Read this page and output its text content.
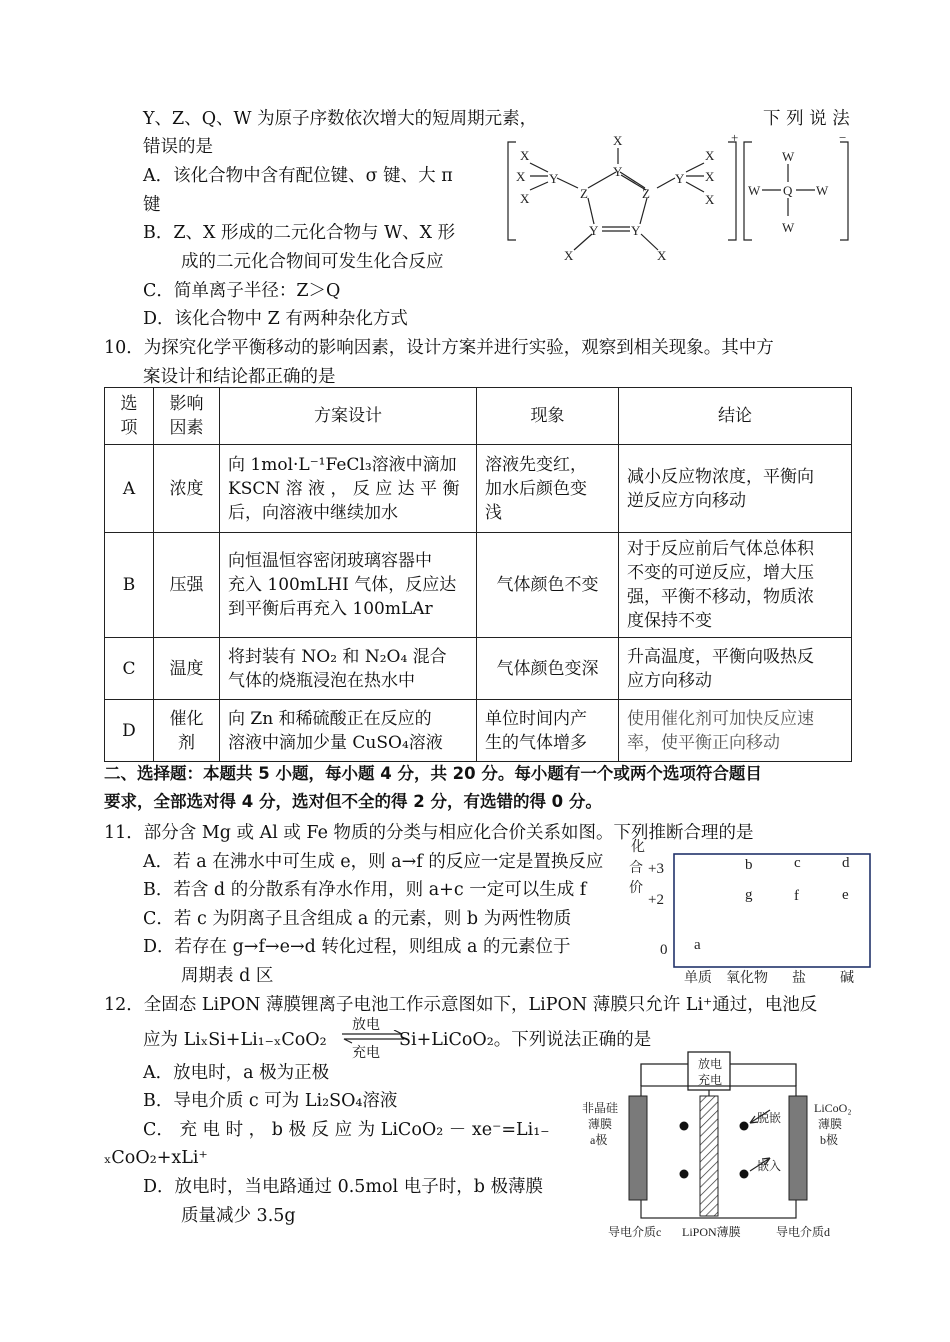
Y、Z、Q、W 为原子序数依次增大的短周期元素，	下 列 说 法
错误的是
A．该化合物中含有配位键、σ 键、大 π
键
B．Z、X 形成的二元化合物与 W、X 形
成的二元化合物间可发生化合反应
C．简单离子半径：Z＞Q
D．该化合物中 Z 有两种杂化方式
X
Y
Z	Z
Y	Y
Y	Y
X
X
X
X
X
X
X	X
+	−
W
W
W	W
Q
10．为探究化学平衡移动的影响因素，设计方案并进行实验，观察到相关现象。其中方
案设计和结论都正确的是
选
项	影响
因素	方案设计	现象	结论
A	浓度	向 1mol·L⁻¹FeCl₃溶液中滴加
KSCN 溶 液 ， 反 应 达 平 衡
后，向溶液中继续加水	溶液先变红，
加水后颜色变
浅	减小反应物浓度，平衡向
逆反应方向移动
B	压强	向恒温恒容密闭玻璃容器中
充入 100mLHI 气体，反应达
到平衡后再充入 100mLAr	气体颜色不变	对于反应前后气体总体积
不变的可逆反应，增大压
强，平衡不移动，物质浓
度保持不变
C	温度	将封装有 NO₂ 和 N₂O₄ 混合
气体的烧瓶浸泡在热水中	气体颜色变深	升高温度，平衡向吸热反
应方向移动
D	催化
剂	向 Zn 和稀硫酸正在反应的
溶液中滴加少量 CuSO₄溶液	单位时间内产
生的气体增多	使用催化剂可加快反应速
率，使平衡正向移动
二、选择题：本题共 5 小题，每小题 4 分，共 20 分。每小题有一个或两个选项符合题目
要求，全部选对得 4 分，选对但不全的得 2 分，有选错的得 0 分。
11．部分含 Mg 或 Al 或 Fe 物质的分类与相应化合价关系如图。下列推断合理的是
A．若 a 在沸水中可生成 e，则 a→f 的反应一定是置换反应
B．若含 d 的分散系有净水作用，则 a+c 一定可以生成 f
C．若 c 为阴离子且含组成 a 的元素，则 b 为两性物质
D．若存在 g→f→e→d 转化过程，则组成 a 的元素位于
周期表 d 区
化
合
价
+3
+2
0
b	c	d
g	f	e
a
单质 氧化物 盐 碱
12．全固态 LiPON 薄膜锂离子电池工作示意图如下，LiPON 薄膜只允许 Li⁺通过，电池反
应为 LiₓSi+Li₁₋ₓCoO₂
放电
充电
Si+LiCoO₂。下列说法正确的是
A．放电时，a 极为正极
B．导电介质 c 可为 Li₂SO₄溶液
C． 充 电 时 ， b 极 反 应 为 LiCoO₂ － xe⁻=Li₁₋
ₓCoO₂+xLi⁺
D．放电时，当电路通过 0.5mol 电子时，b 极薄膜
质量减少 3.5g
放电
充电
非晶硅
薄膜
a极
LiCoO₂
薄膜
b极
脱嵌
嵌入
导电介质c LiPON薄膜	导电介质d
